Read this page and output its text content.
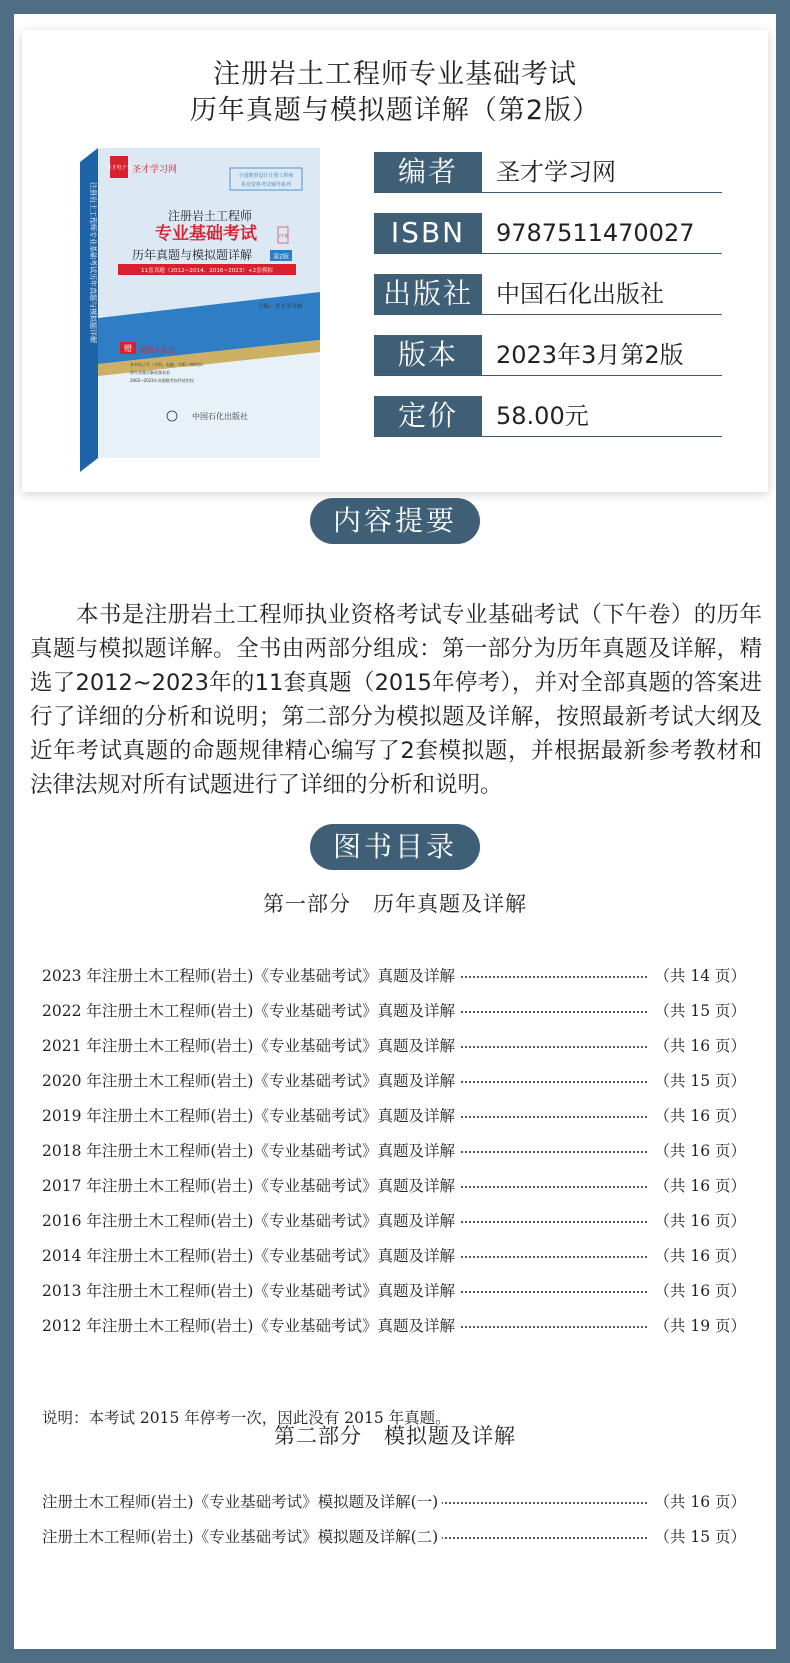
注册岩土工程师专业基础考试
历年真题与模拟题详解（第2版）
圣才电子书 圣才学习网
全国勘察设计注册工程师
执业资格考试辅导系列
注册岩土工程师
专业基础考试	下午卷
历年真题与模拟题详解	第2版
11套真题（2012~2014、2016~2023）+2套模拟
主编：圣才学习网
赠 超值大礼包
本书电子书（手机、电脑、平板三端同步）
部分真题详解视频看看
2002~2023年真题模考软件使用权
中国石化出版社
注册岩土工程师专业基础考试历年真题与模拟题详解
编者	圣才学习网
ISBN	9787511470027
出版社 中国石化出版社
版本	2023年3月第2版
定价	58.00元
内容提要
本书是注册岩土工程师执业资格考试专业基础考试（下午卷）的历年真题与模拟题详解。全书由两部分组成：第一部分为历年真题及详解，精选了2012~2023年的11套真题（2015年停考），并对全部真题的答案进行了详细的分析和说明；第二部分为模拟题及详解，按照最新考试大纲及近年考试真题的命题规律精心编写了2套模拟题，并根据最新参考教材和法律法规对所有试题进行了详细的分析和说明。
图书目录
第一部分　历年真题及详解
2023 年注册土木工程师(岩土)《专业基础考试》真题及详解	（共 14 页）
2022 年注册土木工程师(岩土)《专业基础考试》真题及详解	（共 15 页）
2021 年注册土木工程师(岩土)《专业基础考试》真题及详解	（共 16 页）
2020 年注册土木工程师(岩土)《专业基础考试》真题及详解	（共 15 页）
2019 年注册土木工程师(岩土)《专业基础考试》真题及详解	（共 16 页）
2018 年注册土木工程师(岩土)《专业基础考试》真题及详解	（共 16 页）
2017 年注册土木工程师(岩土)《专业基础考试》真题及详解	（共 16 页）
2016 年注册土木工程师(岩土)《专业基础考试》真题及详解	（共 16 页）
2014 年注册土木工程师(岩土)《专业基础考试》真题及详解	（共 16 页）
2013 年注册土木工程师(岩土)《专业基础考试》真题及详解	（共 16 页）
2012 年注册土木工程师(岩土)《专业基础考试》真题及详解	（共 19 页）
说明：本考试 2015 年停考一次，因此没有 2015 年真题。
第二部分　模拟题及详解
注册土木工程师(岩土)《专业基础考试》模拟题及详解(一)	（共 16 页）
注册土木工程师(岩土)《专业基础考试》模拟题及详解(二)	（共 15 页）
